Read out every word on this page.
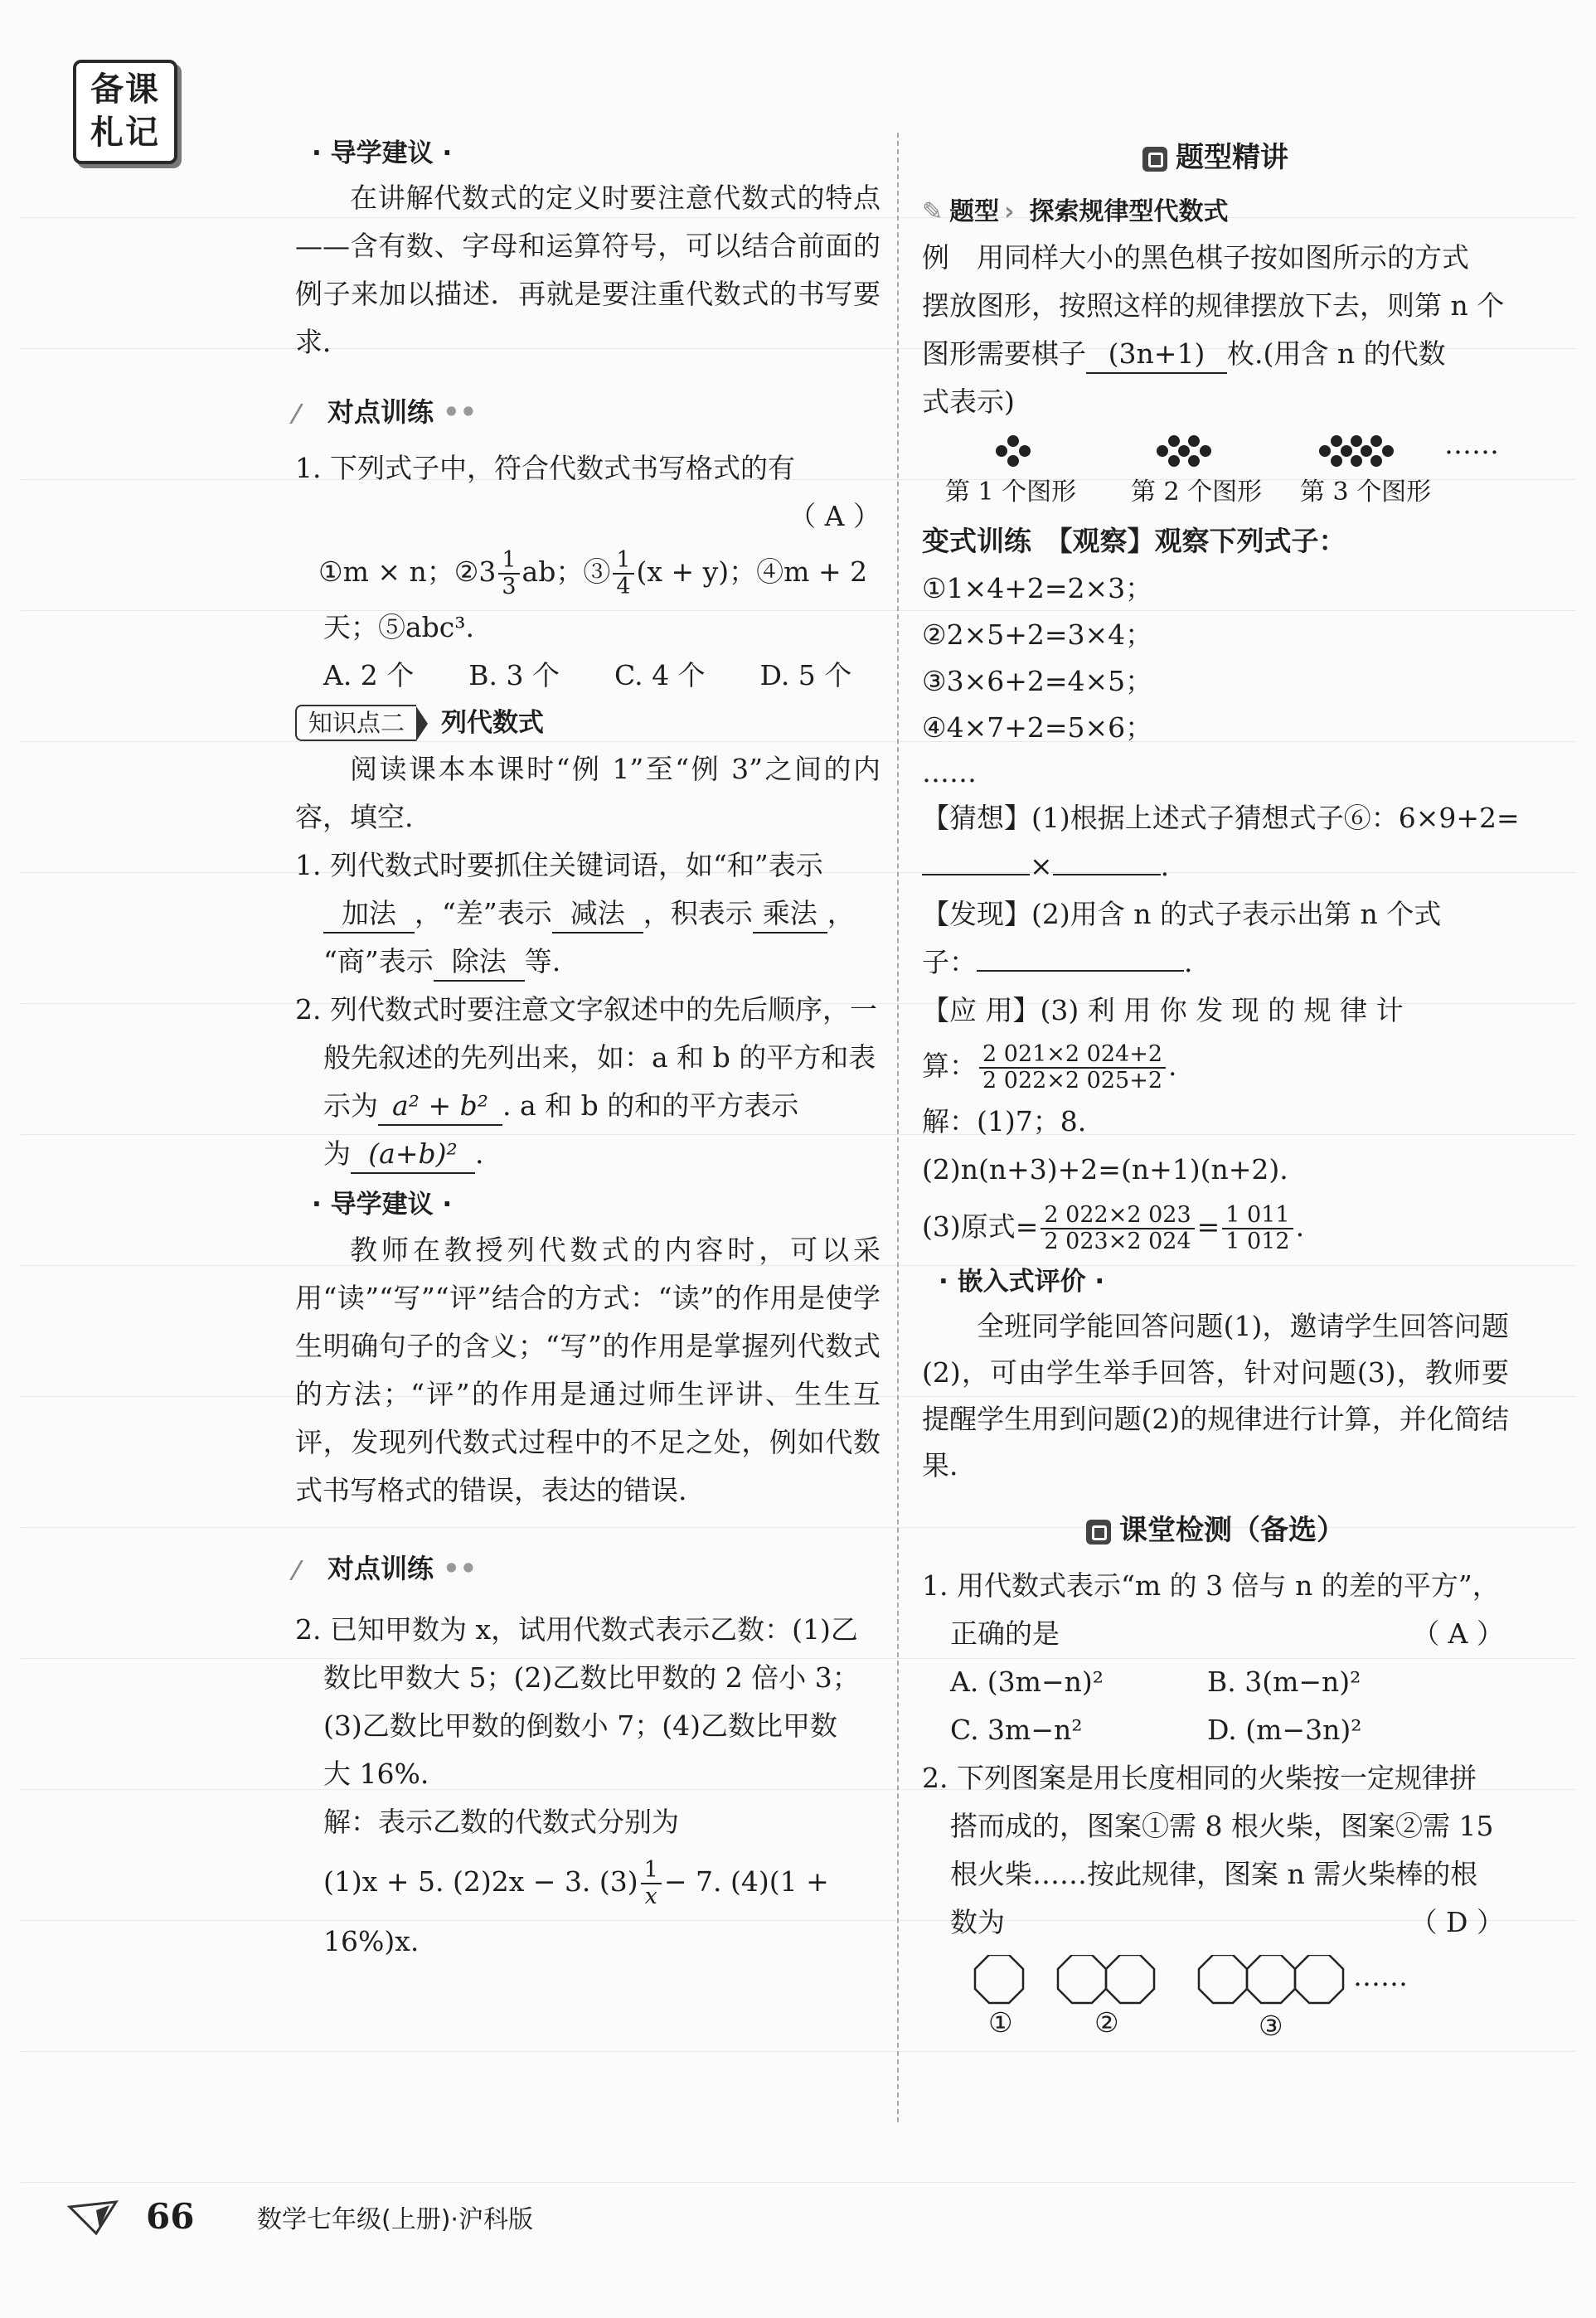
备课
札记
· 导学建议 ·
在讲解代数式的定义时要注意代数式的特点——含有数、字母和运算符号，可以结合前面的例子来加以描述．再就是要注重代数式的书写要求．
对点训练 ••
1. 下列式子中，符合代数式书写格式的有
（ A ）
①m × n；②3 $\frac{1}{3}$ ab；③ $\frac{1}{4} (x + y)$；④m + 2
天；⑤abc³.
A. 2 个　　B. 3 个　　C. 4 个　　D. 5 个
知识点二 列代数式
阅读课本本课时“例 1”至“例 3”之间的内容，填空.
1. 列代数式时要抓住关键词语，如“和”表示
加法 ，“差”表示 减法 ，积表示 乘法 ，
“商”表示 除法 等.
2. 列代数式时要注意文字叙述中的先后顺序，一
般先叙述的先列出来，如：a 和 b 的平方和表
示为 a² + b² . a 和 b 的和的平方表示
为 (a+b)² .
· 导学建议 ·
教师在教授列代数式的内容时，可以采用“读”“写”“评”结合的方式：“读”的作用是使学生明确句子的含义；“写”的作用是掌握列代数式的方法；“评”的作用是通过师生评讲、生生互评，发现列代数式过程中的不足之处，例如代数式书写格式的错误，表达的错误.
对点训练 ••
2. 已知甲数为 x，试用代数式表示乙数：(1)乙
数比甲数大 5；(2)乙数比甲数的 2 倍小 3；
(3)乙数比甲数的倒数小 7；(4)乙数比甲数
大 16%.
解：表示乙数的代数式分别为
(1)x + 5. (2)2x − 3. $(3) \frac{1}{x} - 7$. (4)(1 +
16%)x.
题型精讲
✎ 题型 › 探索规律型代数式
例　用同样大小的黑色棋子按如图所示的方式
摆放图形，按照这样的规律摆放下去，则第 n 个
图形需要棋子 (3n+1) 枚.(用含 n 的代数
式表示)
……
第 1 个图形 第 2 个图形 第 3 个图形
变式训练　【观察】观察下列式子：
①1×4+2=2×3；
②2×5+2=3×4；
③3×6+2=4×5；
④4×7+2=5×6；
……
【猜想】(1)根据上述式子猜想式子⑥：6×9+2=
×	.
【发现】(2)用含 n 的式子表示出第 n 个式
子：	.
【应 用】(3) 利 用 你 发 现 的 规 律 计
算： $\frac{2 021\times 2 024+2}{2 022\times 2 025+2}$ .
解：(1)7；8.
(2)n(n+3)+2=(n+1)(n+2).
(3)原式= $\frac{2 022\times 2 023}{2 023\times 2 024} = \frac{1 011}{1 012}$ .
· 嵌入式评价 ·
全班同学能回答问题(1)，邀请学生回答问题(2)，可由学生举手回答，针对问题(3)，教师要提醒学生用到问题(2)的规律进行计算，并化简结果.
课堂检测（备选）
1. 用代数式表示“m 的 3 倍与 n 的差的平方”，
正确的是	（ A ）
A. (3m−n)²	B. 3(m−n)²
C. 3m−n²	D. (m−3n)²
2. 下列图案是用长度相同的火柴按一定规律拼
搭而成的，图案①需 8 根火柴，图案②需 15
根火柴……按此规律，图案 n 需火柴棒的根
数为	（ D ）
……
①	②	③
66	数学七年级(上册)·沪科版
